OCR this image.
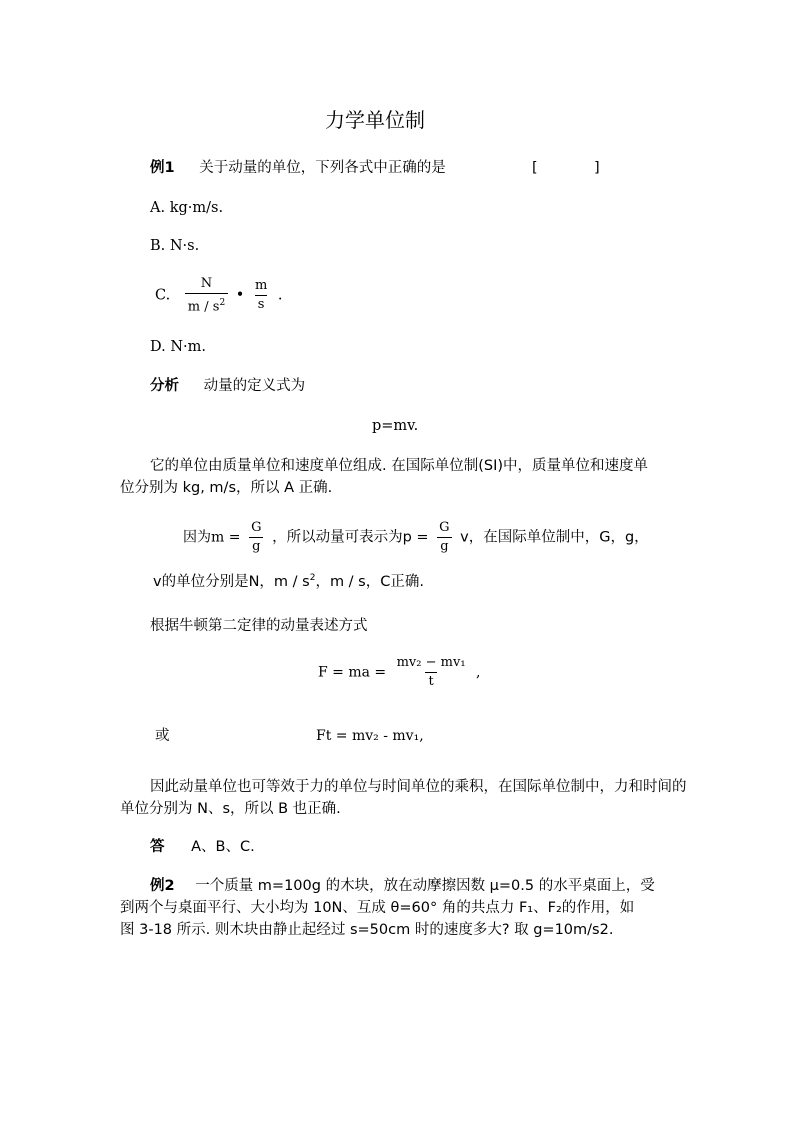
力学单位制
例1 关于动量的单位，下列各式中正确的是	[	]
A. kg·m/s.
B. N·s.
C. $\frac{N}{m / s^2}$ • $\frac{m}{s}$ .
D. N·m.
分析 动量的定义式为
p=mv.
它的单位由质量单位和速度单位组成. 在国际单位制(SI)中，质量单位和速度单
位分别为 kg, m/s，所以 A 正确.
因为$m = \frac{G}{g}$ ，所以动量可表示为$p = \frac{G}{g}$ v，在国际单位制中，G，g，
v的单位分别是N，m / $s^2$，m / s，C正确.
根据牛顿第二定律的动量表述方式
F = ma = $\frac{\text{mv₂ − mv₁}}{t}$ ,
或	Ft = mv₂ - mv₁,
因此动量单位也可等效于力的单位与时间单位的乘积，在国际单位制中，力和时间的
单位分别为 N、s，所以 B 也正确.
答 A、B、C.
例2 一个质量 m=100g 的木块，放在动摩擦因数 μ=0.5 的水平桌面上，受
到两个与桌面平行、大小均为 10N、互成 θ=60° 角的共点力 F₁、F₂的作用，如
图 3-18 所示. 则木块由静止起经过 s=50cm 时的速度多大? 取 g=10m/s2.
